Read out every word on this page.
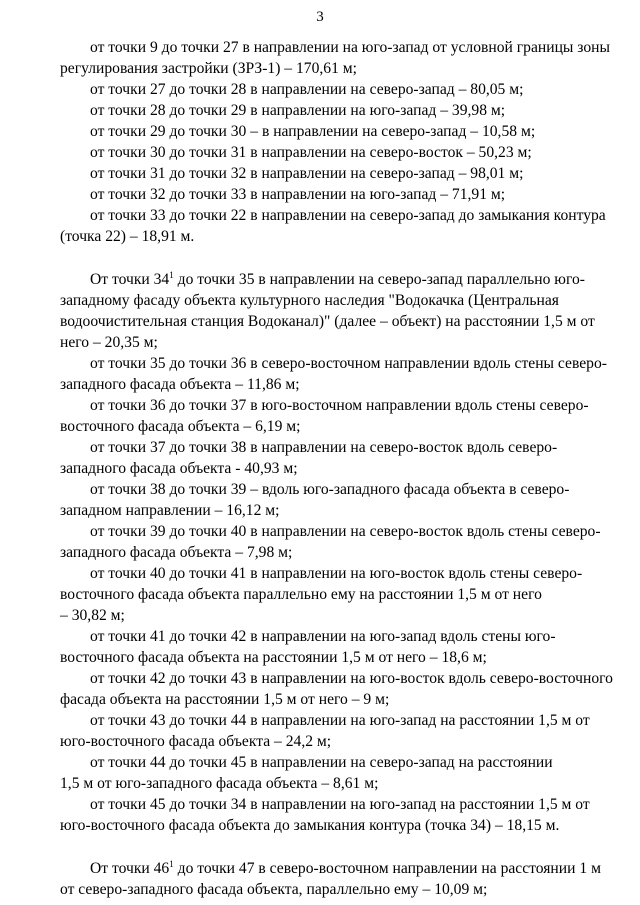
3
от точки 9 до точки 27 в направлении на юго-запад от условной границы зоны
регулирования застройки (ЗРЗ-1) – 170,61 м;
от точки 27 до точки 28 в направлении на северо-запад – 80,05 м;
от точки 28 до точки 29 в направлении на юго-запад – 39,98 м;
от точки 29 до точки 30 – в направлении на северо-запад – 10,58 м;
от точки 30 до точки 31 в направлении на северо-восток – 50,23 м;
от точки 31 до точки 32 в направлении на северо-запад – 98,01 м;
от точки 32 до точки 33 в направлении на юго-запад – 71,91 м;
от точки 33 до точки 22 в направлении на северо-запад до замыкания контура
(точка 22) – 18,91 м.
От точки $34^1$ до точки 35 в направлении на северо-запад параллельно юго-
западному фасаду объекта культурного наследия "Водокачка (Центральная
водоочистительная станция Водоканал)" (далее – объект) на расстоянии 1,5 м от
него – 20,35 м;
от точки 35 до точки 36 в северо-восточном направлении вдоль стены северо-
западного фасада объекта – 11,86 м;
от точки 36 до точки 37 в юго-восточном направлении вдоль стены северо-
восточного фасада объекта – 6,19 м;
от точки 37 до точки 38 в направлении на северо-восток вдоль северо-
западного фасада объекта - 40,93 м;
от точки 38 до точки 39 – вдоль юго-западного фасада объекта в северо-
западном направлении – 16,12 м;
от точки 39 до точки 40 в направлении на северо-восток вдоль стены северо-
западного фасада объекта – 7,98 м;
от точки 40 до точки 41 в направлении на юго-восток вдоль стены северо-
восточного фасада объекта параллельно ему на расстоянии 1,5 м от него
– 30,82 м;
от точки 41 до точки 42 в направлении на юго-запад вдоль стены юго-
восточного фасада объекта на расстоянии 1,5 м от него – 18,6 м;
от точки 42 до точки 43 в направлении на юго-восток вдоль северо-восточного
фасада объекта на расстоянии 1,5 м от него – 9 м;
от точки 43 до точки 44 в направлении на юго-запад на расстоянии 1,5 м от
юго-восточного фасада объекта – 24,2 м;
от точки 44 до точки 45 в направлении на северо-запад на расстоянии
1,5 м от юго-западного фасада объекта – 8,61 м;
от точки 45 до точки 34 в направлении на юго-запад на расстоянии 1,5 м от
юго-восточного фасада объекта до замыкания контура (точка 34) – 18,15 м.
От точки $46^1$ до точки 47 в северо-восточном направлении на расстоянии 1 м
от северо-западного фасада объекта, параллельно ему – 10,09 м;
